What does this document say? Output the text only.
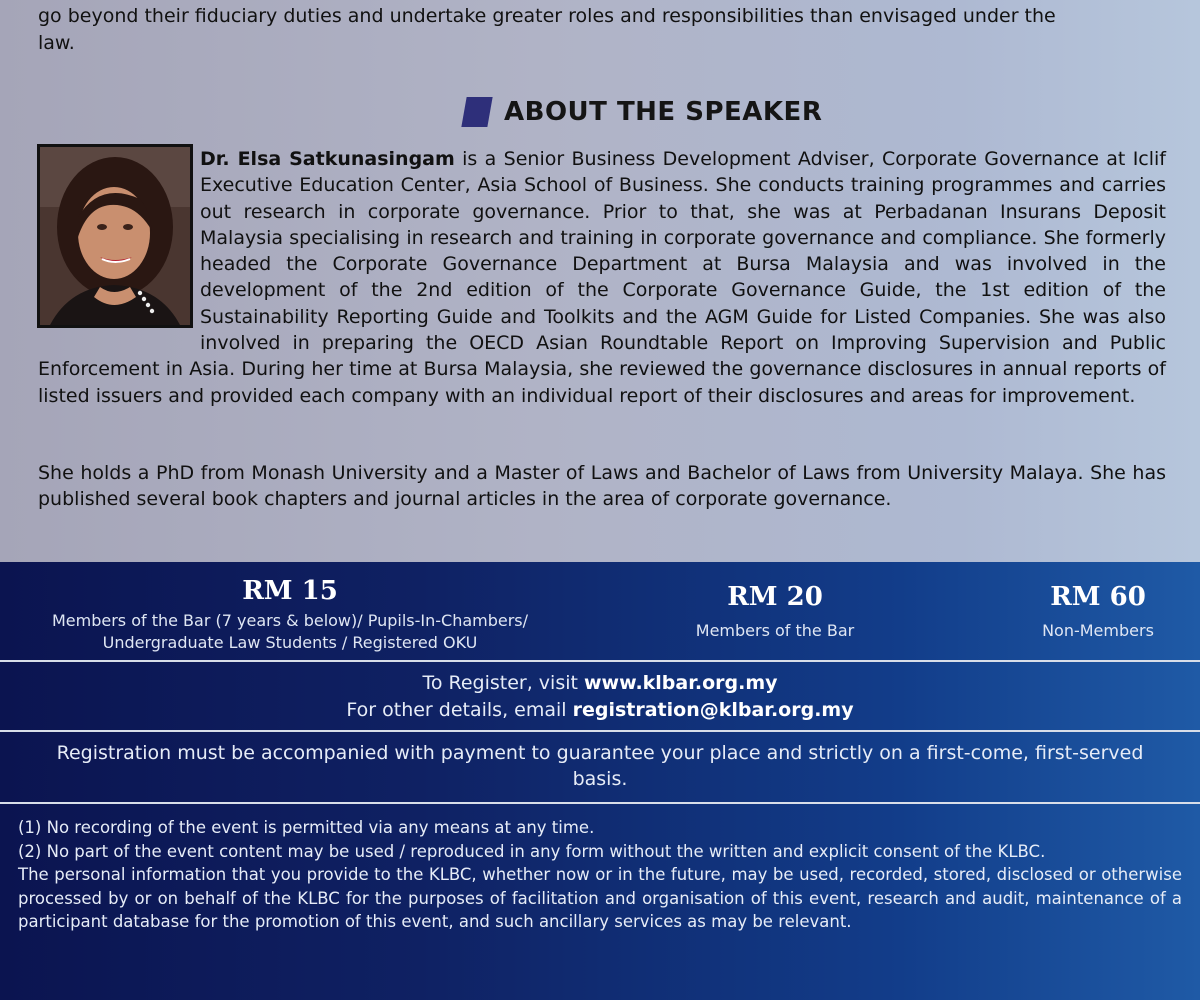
go beyond their fiduciary duties and undertake greater roles and responsibilities than envisaged under the
law.
ABOUT THE SPEAKER

Dr. Elsa Satkunasingam is a Senior Business Development Adviser, Corporate Governance at Iclif Executive Education Center, Asia School of Business. She conducts training programmes and carries out research in corporate governance. Prior to that, she was at Perbadanan Insurans Deposit Malaysia specialising in research and training in corporate governance and compliance. She formerly headed the Corporate Governance Department at Bursa Malaysia and was involved in the development of the 2nd edition of the Corporate Governance Guide, the 1st edition of the Sustainability Reporting Guide and Toolkits and the AGM Guide for Listed Companies. She was also involved in preparing the OECD Asian Roundtable Report on Improving Supervision and Public Enforcement in Asia. During her time at Bursa Malaysia, she reviewed the governance disclosures in annual reports of listed issuers and provided each company with an individual report of their disclosures and areas for improvement.

She holds a PhD from Monash University and a Master of Laws and Bachelor of Laws from University Malaya. She has published several book chapters and journal articles in the area of corporate governance.

RM 15
Members of the Bar (7 years & below)/ Pupils-In-Chambers/
Undergraduate Law Students / Registered OKU
RM 20
Members of the Bar
RM 60
Non-Members
To Register, visit www.klbar.org.my
For other details, email registration@klbar.org.my
Registration must be accompanied with payment to guarantee your place and strictly on a first-come, first-served basis.

(1) No recording of the event is permitted via any means at any time.

(2) No part of the event content may be used / reproduced in any form without the written and explicit consent of the KLBC.

The personal information that you provide to the KLBC, whether now or in the future, may be used, recorded, stored, disclosed or otherwise processed by or on behalf of the KLBC for the purposes of facilitation and organisation of this event, research and audit, maintenance of a participant database for the promotion of this event, and such ancillary services as may be relevant.
